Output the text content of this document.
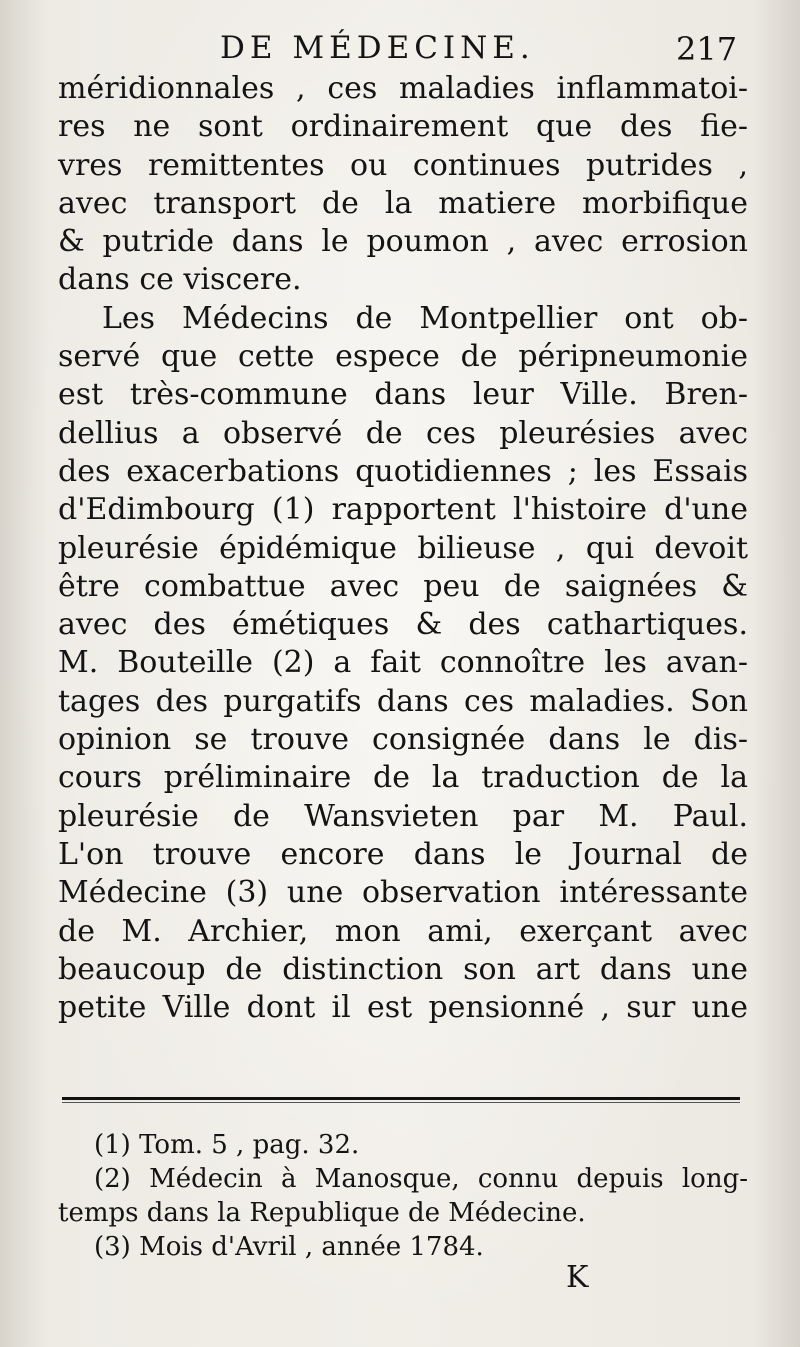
DE MÉDECINE.	217
méridionnales , ces maladies inflammatoi-
res ne sont ordinairement que des fie-
vres remittentes ou continues putrides ,
avec transport de la matiere morbifique
& putride dans le poumon , avec errosion
dans ce viscere.
Les Médecins de Montpellier ont ob-
servé que cette espece de péripneumonie
est très-commune dans leur Ville. Bren-
dellius a observé de ces pleurésies avec
des exacerbations quotidiennes ; les Essais
d'Edimbourg (1) rapportent l'histoire d'une
pleurésie épidémique bilieuse , qui devoit
être combattue avec peu de saignées &
avec des émétiques & des cathartiques.
M. Bouteille (2) a fait connoître les avan-
tages des purgatifs dans ces maladies. Son
opinion se trouve consignée dans le dis-
cours préliminaire de la traduction de la
pleurésie de Wansvieten par M. Paul.
L'on trouve encore dans le Journal de
Médecine (3) une observation intéressante
de M. Archier, mon ami, exerçant avec
beaucoup de distinction son art dans une
petite Ville dont il est pensionné , sur une
(1) Tom. 5 , pag. 32.
(2) Médecin à Manosque, connu depuis long-
temps dans la Republique de Médecine.
(3) Mois d'Avril , année 1784.
K
